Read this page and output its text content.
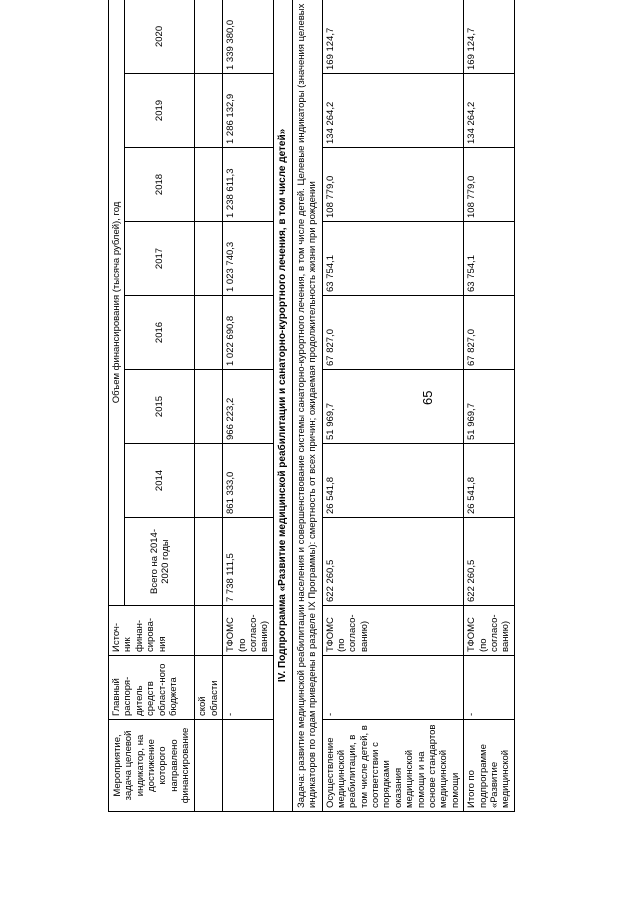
65
Мероприятие, задача целевой индикатор, на достижение которого направлено финансирование	Главный распоря-дитель средств област-ного бюджета	Источ-ник финан-сирова-ния	Объем финансирования (тысяча рублей), год							
			Всего на 2014-2020 годы	2014	2015	2016	2017	2018	2019	2020
	ской области									
	-	ТФОМС (по согласо-ванию)	7 738 111,5	861 333,0	966 223,2	1 022 690,8	1 023 740,3	1 238 611,3	1 286 132,9	1 339 380,0
IV. Подпрограмма «Развитие медицинской реабилитации и санаторно-курортного лечения, в том числе детей»										
Задача: развитие медицинской реабилитации населения и совершенствование системы санаторно-курортного лечения, в том числе детей. Целевые индикаторы (значения целевых индикаторов по годам приведены в разделе IX Программы): смертность от всех причин; ожидаемая продолжительность жизни при рождении										
Осуществление медицинской реабилитации, в том числе детей, в соответствии с порядками оказания медицинской помощи и на основе стандартов медицинской помощи	-	ТФОМС (по согласо-ванию)	622 260,5	26 541,8	51 969,7	67 827,0	63 754,1	108 779,0	134 264,2	169 124,7
Итого по подпрограмме «Развитие медицинской	-	ТФОМС (по согласо-ванию)	622 260,5	26 541,8	51 969,7	67 827,0	63 754,1	108 779,0	134 264,2	169 124,7
